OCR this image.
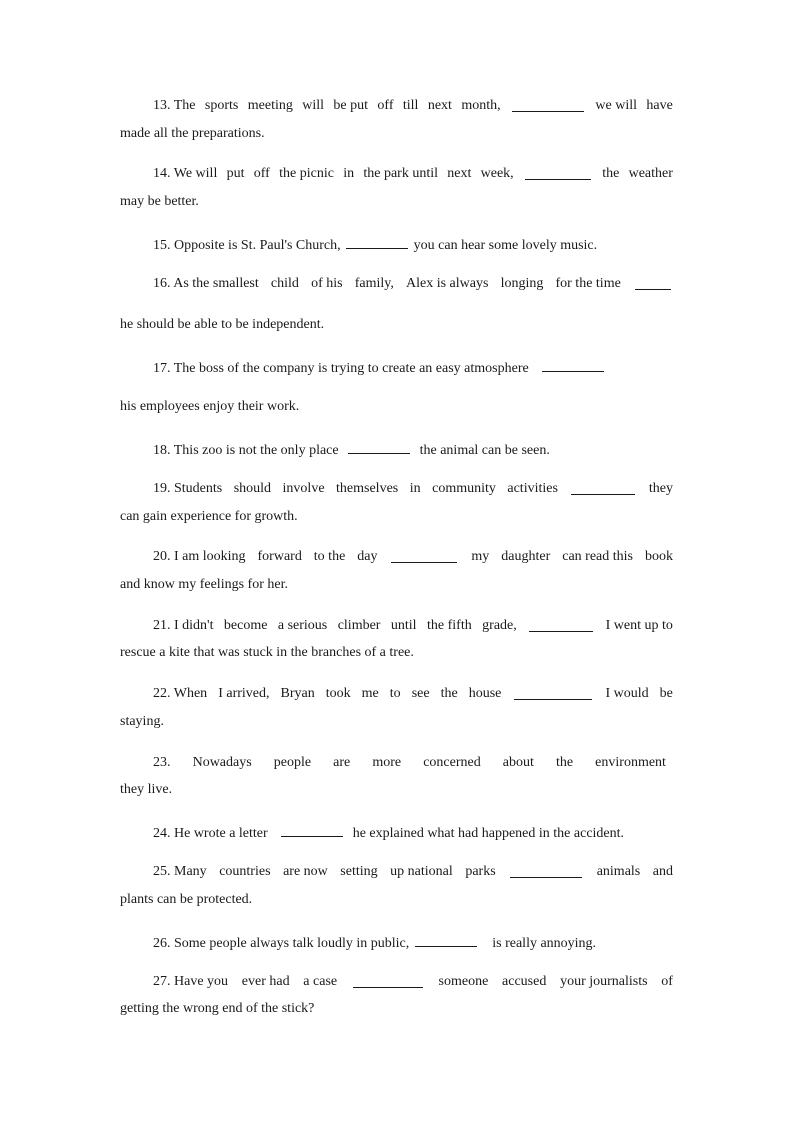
13. The sports meeting will be put off till next month,	we will have
made all the preparations.
14. We will put off the picnic in the park until next week,	the weather
may be better.
15. Opposite is St. Paul's Church,	you can hear some lovely music.
16. As the smallest child of his family, Alex is always longing for the time
he should be able to be independent.
17. The boss of the company is trying to create an easy atmosphere
his employees enjoy their work.
18. This zoo is not the only place	the animal can be seen.
19. Students should involve themselves in community activities	they
can gain experience for growth.
20. I am looking forward to the day	my daughter can read this book
and know my feelings for her.
21. I didn't become a serious climber until the fifth grade,	I went up to
rescue a kite that was stuck in the branches of a tree.
22. When I arrived, Bryan took me to see the house	I would be
staying.
23. Nowadays people are more concerned about the environment
they live.
24. He wrote a letter	he explained what had happened in the accident.
25. Many countries are now setting up national parks	animals and
plants can be protected.
26. Some people always talk loudly in public,	is really annoying.
27. Have you ever had a case	someone accused your journalists of
getting the wrong end of the stick?
